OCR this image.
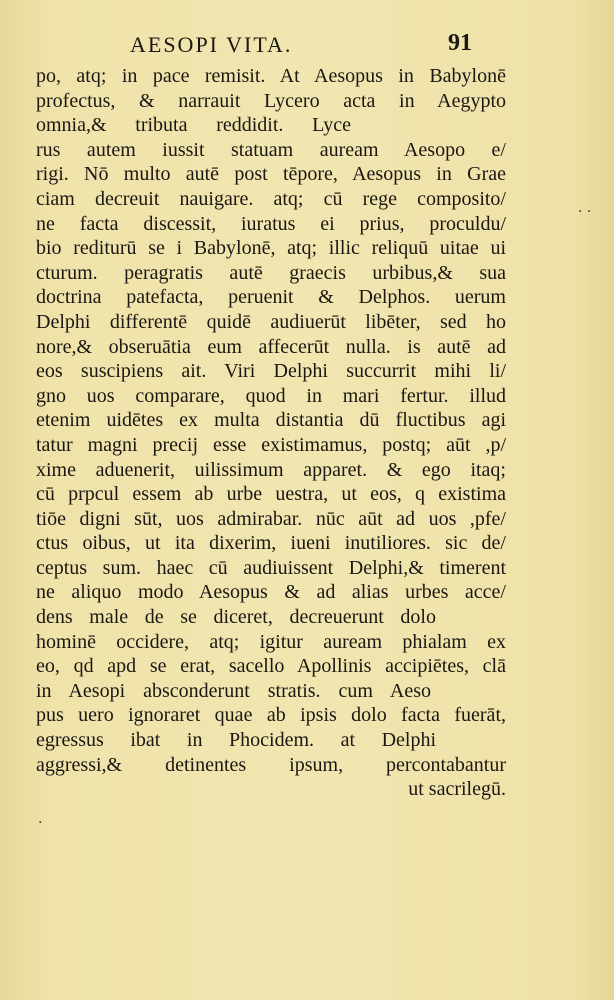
AESOPI VITA.	91
po, atq; in pace remisit. At Aesopus in Babylonē
profectus, & narrauit Lycero acta in Aegypto
omnia,& tributa reddidit. Lyce
rus autem iussit statuam auream Aesopo e/
rigi. Nō multo autē post tēpore, Aesopus in Grae
ciam decreuit nauigare. atq; cū rege composito/
ne facta discessit, iuratus ei prius, proculdu/
bio rediturū se i Babylonē, atq; illic reliquū uitae ui
cturum. peragratis autē graecis urbibus,& sua
doctrina patefacta, peruenit & Delphos. uerum
Delphi differentē quidē audiuerūt libēter, sed ho
nore,& obseruātia eum affecerūt nulla. is autē ad
eos suscipiens ait. Viri Delphi succurrit mihi li/
gno uos comparare, quod in mari fertur. illud
etenim uidētes ex multa distantia dū fluctibus agi
tatur magni precij esse existimamus, postq; aūt ,p/
xime aduenerit, uilissimum apparet. & ego itaq;
cū prpcul essem ab urbe uestra, ut eos, q existima
tiōe digni sūt, uos admirabar. nūc aūt ad uos ,pfe/
ctus oibus, ut ita dixerim, iueni inutiliores. sic de/
ceptus sum. haec cū audiuissent Delphi,& timerent
ne aliquo modo Aesopus & ad alias urbes acce/
dens male de se diceret, decreuerunt dolo
hominē occidere, atq; igitur auream phialam ex
eo, qd apd se erat, sacello Apollinis accipiētes, clā
in Aesopi absconderunt stratis. cum Aeso
pus uero ignoraret quae ab ipsis dolo facta fuerāt,
egressus ibat in Phocidem. at Delphi
aggressi,& detinentes ipsum, percontabantur
ut sacrilegū.
· ·
·
